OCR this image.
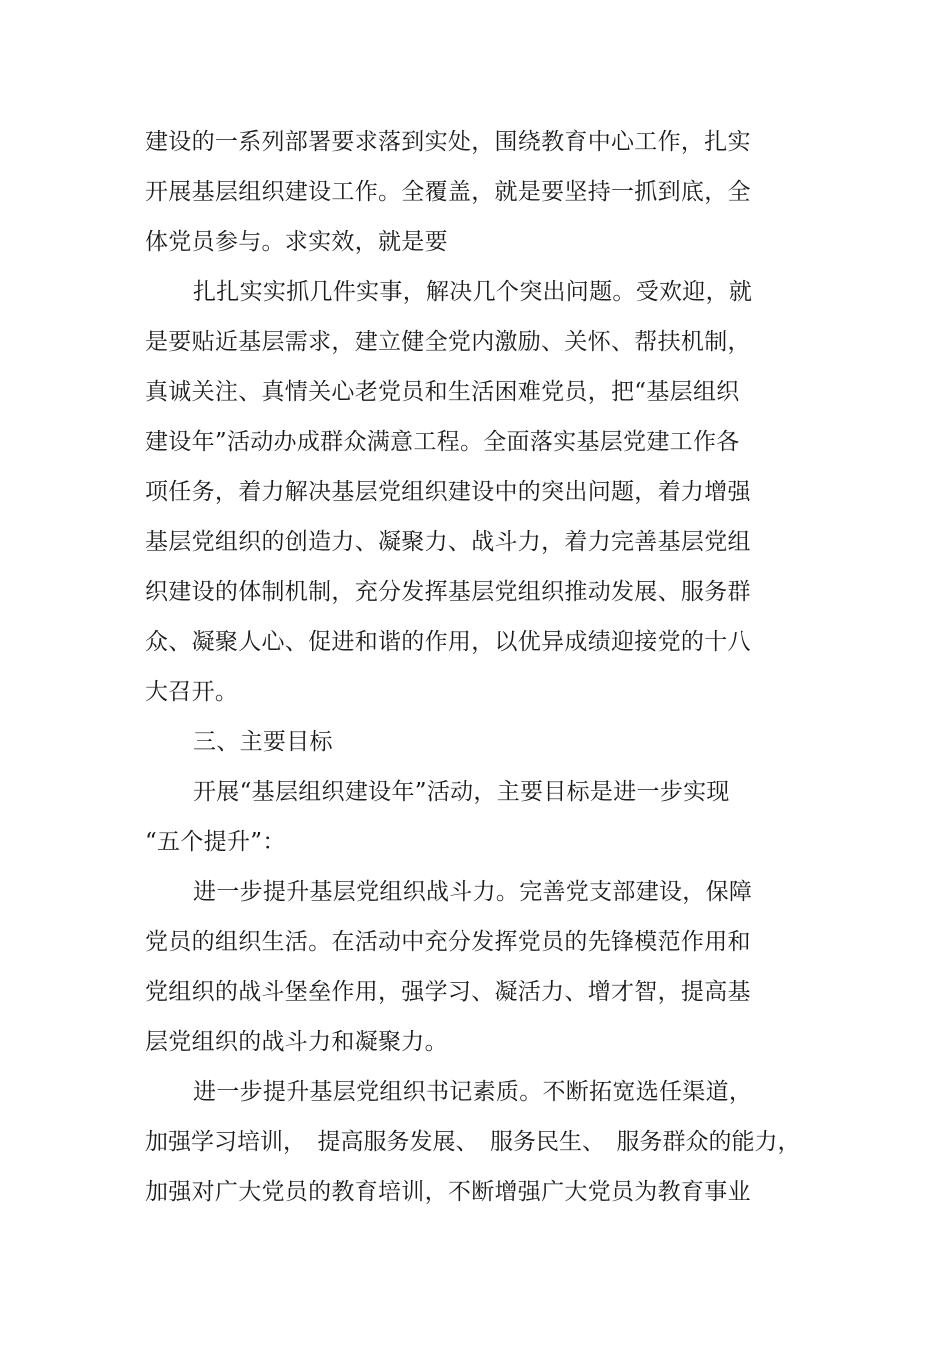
建设的一系列部署要求落到实处，围绕教育中心工作，扎实
开展基层组织建设工作。全覆盖，就是要坚持一抓到底，全
体党员参与。求实效，就是要
扎扎实实抓几件实事，解决几个突出问题。受欢迎，就
是要贴近基层需求，建立健全党内激励、关怀、帮扶机制，
真诚关注、真情关心老党员和生活困难党员，把“基层组织
建设年”活动办成群众满意工程。全面落实基层党建工作各
项任务，着力解决基层党组织建设中的突出问题，着力增强
基层党组织的创造力、凝聚力、战斗力，着力完善基层党组
织建设的体制机制，充分发挥基层党组织推动发展、服务群
众、凝聚人心、促进和谐的作用，以优异成绩迎接党的十八
大召开。
三、主要目标
开展“基层组织建设年”活动，主要目标是进一步实现
“五个提升”：
进一步提升基层党组织战斗力。完善党支部建设，保障
党员的组织生活。在活动中充分发挥党员的先锋模范作用和
党组织的战斗堡垒作用，强学习、凝活力、增才智，提高基
层党组织的战斗力和凝聚力。
进一步提升基层党组织书记素质。不断拓宽选任渠道，
加强学习培训，　提高服务发展、　服务民生、　服务群众的能力，
加强对广大党员的教育培训，不断增强广大党员为教育事业
